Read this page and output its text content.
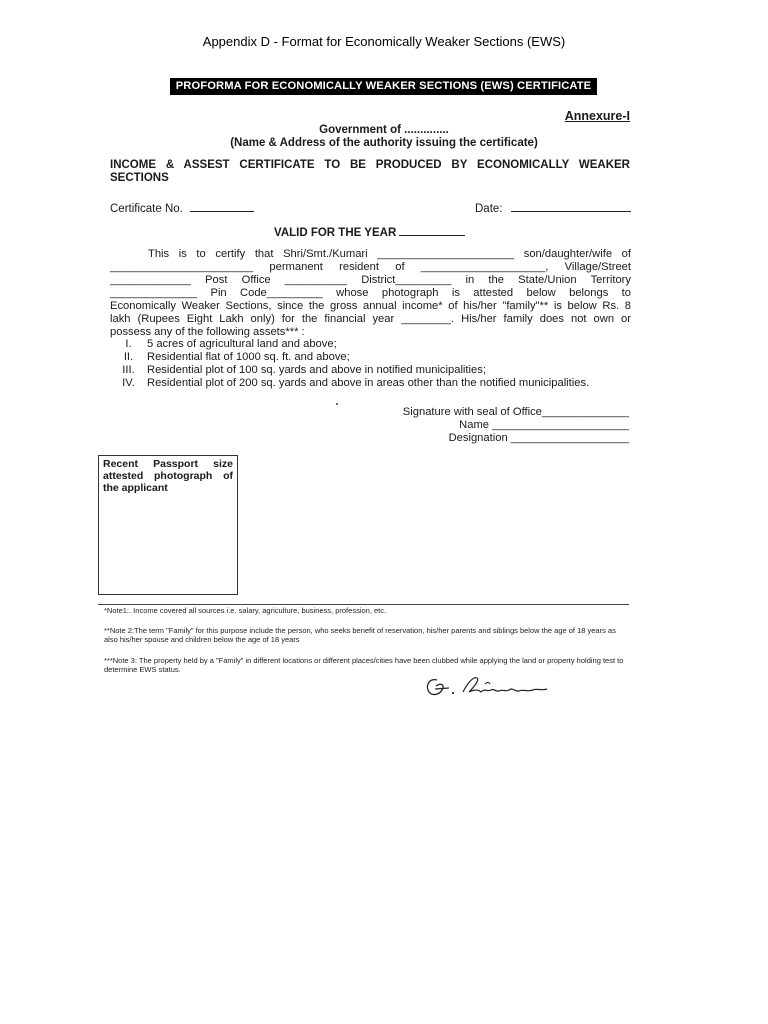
Appendix D - Format for Economically Weaker Sections (EWS)
PROFORMA FOR ECONOMICALLY WEAKER SECTIONS (EWS) CERTIFICATE
Annexure-I
Government of ..............
(Name & Address of the authority issuing the certificate)
INCOME & ASSEST CERTIFICATE TO BE PRODUCED BY ECONOMICALLY WEAKER SECTIONS
Certificate No.	Date:
VALID FOR THE YEAR
This is to certify that Shri/Smt./Kumari ______________________ son/daughter/wife of
_______________________ permanent resident of ____________________, Village/Street
_____________ Post Office __________ District_________ in the State/Union Territory
______________ Pin Code_________ whose photograph is attested below belongs to
Economically Weaker Sections, since the gross annual income* of his/her "family"** is below Rs. 8
lakh (Rupees Eight Lakh only) for the financial year ________. His/her family does not own or
possess any of the following assets*** :
I.	5 acres of agricultural land and above;
II.	Residential flat of 1000 sq. ft. and above;
III.	Residential plot of 100 sq. yards and above in notified municipalities;
IV.	Residential plot of 200 sq. yards and above in areas other than the notified municipalities.
Signature with seal of Office______________
Name ______________________
Designation ___________________
Recent Passport size attested photograph of the applicant
*Note1:. Income covered all sources i.e. salary, agriculture, business, profession, etc.
**Note 2:The term "Family" for this purpose include the person, who seeks benefit of reservation, his/her parents and siblings below the age of 18 years as also his/her spouse and children below the age of 18 years
***Note 3: The property held by a "Family" in different locations or different places/cities have been clubbed while applying the land or property holding test to determine EWS status.
